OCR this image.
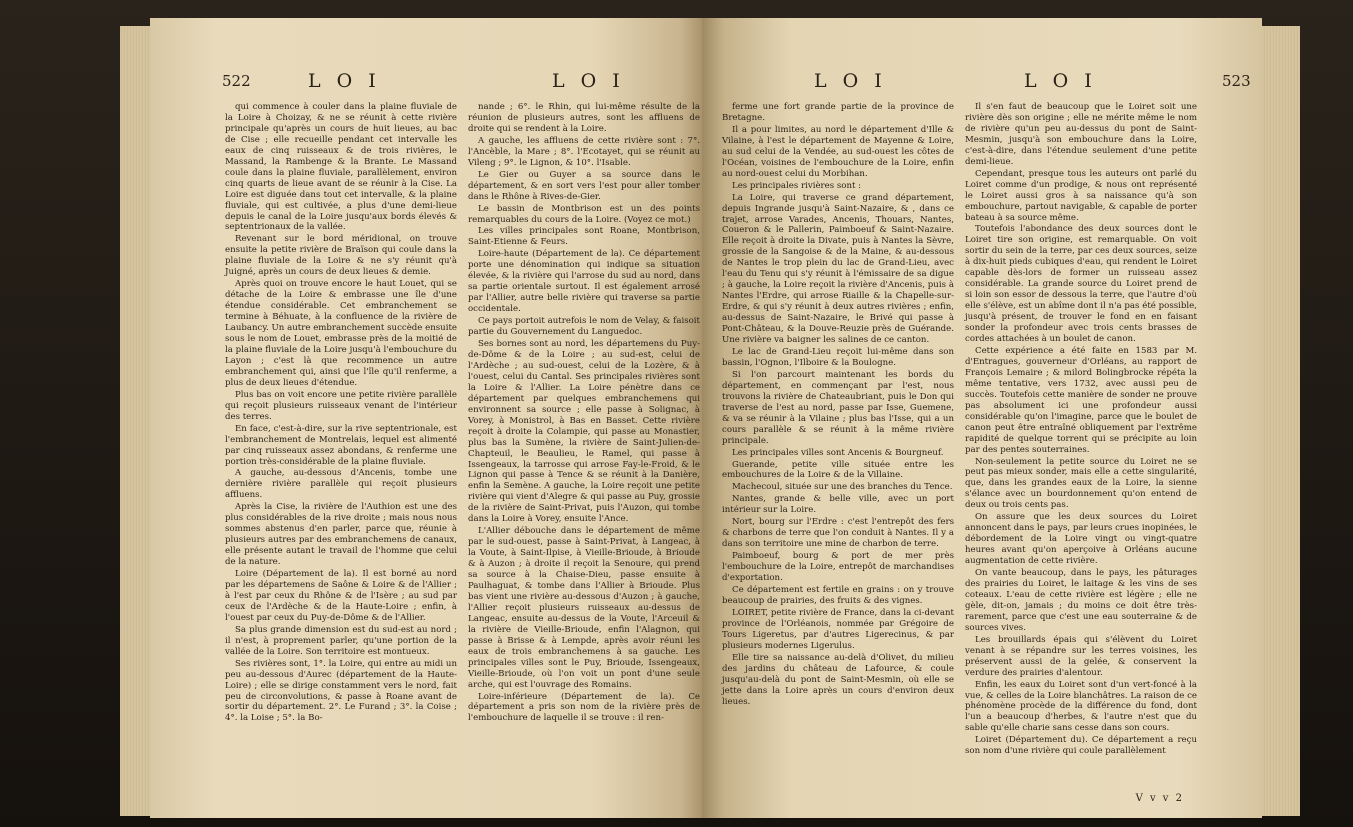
522	L O I	L O I

qui commence à couler dans la plaine fluviale de la Loire à Choizay, & ne se réunit à cette rivière principale qu'après un cours de huit lieues, au bac de Cise ; elle recueille pendant cet intervalle les eaux de cinq ruisseaux & de trois rivières, le Massand, la Rambenge & la Brante. Le Massand coule dans la plaine fluviale, parallèlement, environ cinq quarts de lieue avant de se réunir à la Cise. La Loire est diguée dans tout cet intervalle, & la plaine fluviale, qui est cultivée, a plus d'une demi-lieue depuis le canal de la Loire jusqu'aux bords élevés & septentrionaux de la vallée.

Revenant sur le bord méridional, on trouve ensuite la petite rivière de Braïson qui coule dans la plaine fluviale de la Loire & ne s'y réunit qu'à Juigné, après un cours de deux lieues & demie.

Après quoi on trouve encore le haut Louet, qui se détache de la Loire & embrasse une île d'une étendue considérable. Cet embranchement se termine à Béhuate, à la confluence de la rivière de Laubancy. Un autre embranchement succède ensuite sous le nom de Louet, embrasse près de la moitié de la plaine fluviale de la Loire jusqu'à l'embouchure du Layon ; c'est là que recommence un autre embranchement qui, ainsi que l'île qu'il renferme, a plus de deux lieues d'étendue.

Plus bas on voit encore une petite rivière parallèle qui reçoit plusieurs ruisseaux venant de l'intérieur des terres.

En face, c'est-à-dire, sur la rive septentrionale, est l'embranchement de Montrelais, lequel est alimenté par cinq ruisseaux assez abondans, & renferme une portion très-considérable de la plaine fluviale.

A gauche, au-dessous d'Ancenis, tombe une dernière rivière parallèle qui reçoit plusieurs affluens.

Après la Cise, la rivière de l'Authion est une des plus considérables de la rive droite ; mais nous nous sommes abstenus d'en parler, parce que, réunie à plusieurs autres par des embranchemens de canaux, elle présente autant le travail de l'homme que celui de la nature.

Loire (Département de la). Il est borné au nord par les départemens de Saône & Loire & de l'Allier ; à l'est par ceux du Rhône & de l'Isère ; au sud par ceux de l'Ardèche & de la Haute-Loire ; enfin, à l'ouest par ceux du Puy-de-Dôme & de l'Allier.

Sa plus grande dimension est du sud-est au nord ; il n'est, à proprement parler, qu'une portion de la vallée de la Loire. Son territoire est montueux.

Ses rivières sont, 1°. la Loire, qui entre au midi un peu au-dessous d'Aurec (département de la Haute-Loire) ; elle se dirige constamment vers le nord, fait peu de circonvolutions, & passe à Roane avant de sortir du département. 2°. Le Furand ; 3°. la Coise ; 4°. la Loise ; 5°. la Bo-

nande ; 6°. le Rhin, qui lui-même résulte de la réunion de plusieurs autres, sont les affluens de droite qui se rendent à la Loire.

A gauche, les affluens de cette rivière sont : 7°. l'Ancèble, la Mare ; 8°. l'Ecotayet, qui se réunit au Vileng ; 9°. le Lignon, & 10°. l'Isable.

Le Gier ou Guyer a sa source dans le département, & en sort vers l'est pour aller tomber dans le Rhône à Rives-de-Gier.

Le bassin de Montbrison est un des points remarquables du cours de la Loire. (Voyez ce mot.)

Les villes principales sont Roane, Montbrison, Saint-Etienne & Feurs.

Loire-haute (Département de la). Ce département porte une dénomination qui indique sa situation élevée, & la rivière qui l'arrose du sud au nord, dans sa partie orientale surtout. Il est également arrosé par l'Allier, autre belle rivière qui traverse sa partie occidentale.

Ce pays portoit autrefois le nom de Velay, & faisoit partie du Gouvernement du Languedoc.

Ses bornes sont au nord, les départemens du Puy-de-Dôme & de la Loire ; au sud-est, celui de l'Ardèche ; au sud-ouest, celui de la Lozère, & à l'ouest, celui du Cantal. Ses principales rivières sont la Loire & l'Allier. La Loire pénètre dans ce département par quelques embranchemens qui environnent sa source ; elle passe à Solignac, à Vorey, à Monistrol, à Bas en Basset. Cette rivière reçoit à droite la Colampie, qui passe au Monastier, plus bas la Sumène, la rivière de Saint-Julien-de-Chapteuil, le Beaulieu, le Ramel, qui passe à Issengeaux, la tarrosse qui arrose Fay-le-Froid, & le Lignon qui passe à Tence & se réunit à la Danière, enfin la Semène. A gauche, la Loire reçoit une petite rivière qui vient d'Alegre & qui passe au Puy, grossie de la rivière de Saint-Privat, puis l'Auzon, qui tombe dans la Loire à Vorey, ensuite l'Ance.

L'Allier débouche dans le département de même par le sud-ouest, passe à Saint-Privat, à Langeac, à la Voute, à Saint-Ilpise, à Vieille-Brioude, à Brioude & à Auzon ; à droite il reçoit la Senoure, qui prend sa source à la Chaise-Dieu, passe ensuite à Paulhaguat, & tombe dans l'Allier à Brioude. Plus bas vient une rivière au-dessous d'Auzon ; à gauche, l'Allier reçoit plusieurs ruisseaux au-dessus de Langeac, ensuite au-dessus de la Voute, l'Arceuil & la rivière de Vieille-Brioude, enfin l'Alagnon, qui passe à Brisse & à Lempde, après avoir réuni les eaux de trois embranchemens à sa gauche. Les principales villes sont le Puy, Brioude, Issengeaux, Vieille-Brioude, où l'on voit un pont d'une seule arche, qui est l'ouvrage des Romains.

Loire-inférieure (Département de la). Ce département a pris son nom de la rivière près de l'embouchure de laquelle il se trouve : il ren-

L O I	L O I	523

ferme une fort grande partie de la province de Bretagne.

Il a pour limites, au nord le département d'Ille & Vilaine, à l'est le département de Mayenne & Loire, au sud celui de la Vendée, au sud-ouest les côtes de l'Océan, voisines de l'embouchure de la Loire, enfin au nord-ouest celui du Morbihan.

Les principales rivières sont :

La Loire, qui traverse ce grand département, depuis Ingrande jusqu'à Saint-Nazaire, & , dans ce trajet, arrose Varades, Ancenis, Thouars, Nantes, Coueron & le Pallerin, Paimboeuf & Saint-Nazaire. Elle reçoit à droite la Divate, puis à Nantes la Sèvre, grossie de la Sangoise & de la Maine, & au-dessous de Nantes le trop plein du lac de Grand-Lieu, avec l'eau du Tenu qui s'y réunit à l'émissaire de sa digue ; à gauche, la Loire reçoit la rivière d'Ancenis, puis à Nantes l'Erdre, qui arrose Riaille & la Chapelle-sur-Erdre, & qui s'y réunit à deux autres rivières ; enfin, au-dessus de Saint-Nazaire, le Brivé qui passe à Pont-Château, & la Douve-Reuzie près de Guérande. Une rivière va baigner les salines de ce canton.

Le lac de Grand-Lieu reçoit lui-même dans son bassin, l'Ognon, l'Ilboire & la Boulogne.

Si l'on parcourt maintenant les bords du département, en commençant par l'est, nous trouvons la rivière de Chateaubriant, puis le Don qui traverse de l'est au nord, passe par Isse, Guemene, & va se réunir à la Vilaine ; plus bas l'Isse, qui a un cours parallèle & se réunit à la même rivière principale.

Les principales villes sont Ancenis & Bourgneuf.

Guerande, petite ville située entre les embouchures de la Loire & de la Villaine.

Machecoul, située sur une des branches du Tence.

Nantes, grande & belle ville, avec un port intérieur sur la Loire.

Nort, bourg sur l'Erdre : c'est l'entrepôt des fers & charbons de terre que l'on conduit à Nantes. Il y a dans son territoire une mine de charbon de terre.

Paimboeuf, bourg & port de mer près l'embouchure de la Loire, entrepôt de marchandises d'exportation.

Ce département est fertile en grains : on y trouve beaucoup de prairies, des fruits & des vignes.

LOIRET, petite rivière de France, dans la ci-devant province de l'Orléanois, nommée par Grégoire de Tours Ligeretus, par d'autres Ligerecinus, & par plusieurs modernes Ligerulus.

Elle tire sa naissance au-delà d'Olivet, du milieu des jardins du château de Lafource, & coule jusqu'au-delà du pont de Saint-Mesmin, où elle se jette dans la Loire après un cours d'environ deux lieues.

Il s'en faut de beaucoup que le Loiret soit une rivière dès son origine ; elle ne mérite même le nom de rivière qu'un peu au-dessus du pont de Saint-Mesmin, jusqu'à son embouchure dans la Loire, c'est-à-dire, dans l'étendue seulement d'une petite demi-lieue.

Cependant, presque tous les auteurs ont parlé du Loiret comme d'un prodige, & nous ont représenté le Loiret aussi gros à sa naissance qu'à son embouchure, partout navigable, & capable de porter bateau à sa source même.

Toutefois l'abondance des deux sources dont le Loiret tire son origine, est remarquable. On voit sortir du sein de la terre, par ces deux sources, seize à dix-huit pieds cubiques d'eau, qui rendent le Loiret capable dès-lors de former un ruisseau assez considérable. La grande source du Loiret prend de si loin son essor de dessous la terre, que l'autre d'où elle s'élève, est un abîme dont il n'a pas été possible, jusqu'à présent, de trouver le fond en en faisant sonder la profondeur avec trois cents brasses de cordes attachées à un boulet de canon.

Cette expérience a été faite en 1583 par M. d'Entragues, gouverneur d'Orléans, au rapport de François Lemaire ; & milord Bolingbrocke répéta la même tentative, vers 1732, avec aussi peu de succès. Toutefois cette manière de sonder ne prouve pas absolument ici une profondeur aussi considérable qu'on l'imagine, parce que le boulet de canon peut être entraîné obliquement par l'extrême rapidité de quelque torrent qui se précipite au loin par des pentes souterraines.

Non-seulement la petite source du Loiret ne se peut pas mieux sonder, mais elle a cette singularité, que, dans les grandes eaux de la Loire, la sienne s'élance avec un bourdonnement qu'on entend de deux ou trois cents pas.

On assure que les deux sources du Loiret annoncent dans le pays, par leurs crues inopinées, le débordement de la Loire vingt ou vingt-quatre heures avant qu'on aperçoive à Orléans aucune augmentation de cette rivière.

On vante beaucoup, dans le pays, les pâturages des prairies du Loiret, le laitage & les vins de ses coteaux. L'eau de cette rivière est légère ; elle ne gèle, dit-on, jamais ; du moins ce doit être très-rarement, parce que c'est une eau souterraine & de sources vives.

Les brouillards épais qui s'élèvent du Loiret venant à se répandre sur les terres voisines, les préservent aussi de la gelée, & conservent la verdure des prairies d'alentour.

Enfin, les eaux du Loiret sont d'un vert-foncé à la vue, & celles de la Loire blanchâtres. La raison de ce phénomène procède de la différence du fond, dont l'un a beaucoup d'herbes, & l'autre n'est que du sable qu'elle charie sans cesse dans son cours.

Loiret (Département du). Ce département a reçu son nom d'une rivière qui coule parallèlement

V v v 2
